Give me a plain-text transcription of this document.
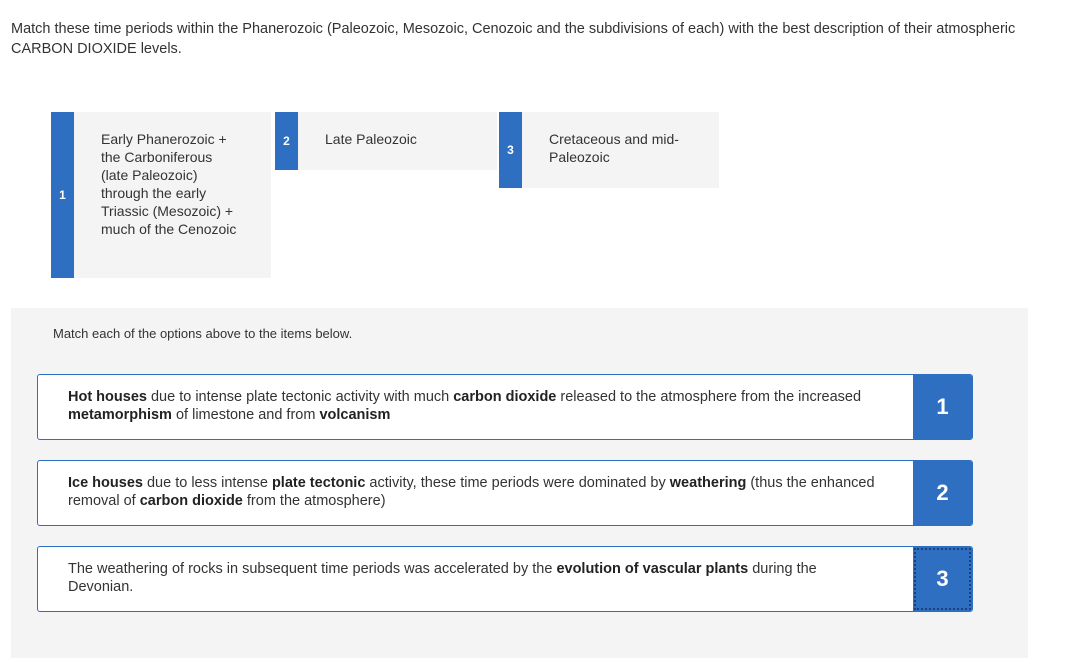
Match these time periods within the Phanerozoic (Paleozoic, Mesozoic, Cenozoic and the subdivisions of each) with the best description of their atmospheric CARBON DIOXIDE levels.
1
Early Phanerozoic + the Carboniferous (late Paleozoic) through the early Triassic (Mesozoic) + much of the Cenozoic
2	Late Paleozoic
3
Cretaceous and mid-Paleozoic
Match each of the options above to the items below.
Hot houses due to intense plate tectonic activity with much carbon dioxide released to the atmosphere from the increased metamorphism of limestone and from volcanism	1
Ice houses due to less intense plate tectonic activity, these time periods were dominated by weathering (thus the enhanced removal of carbon dioxide from the atmosphere)	2
The weathering of rocks in subsequent time periods was accelerated by the evolution of vascular plants during the Devonian.	3
